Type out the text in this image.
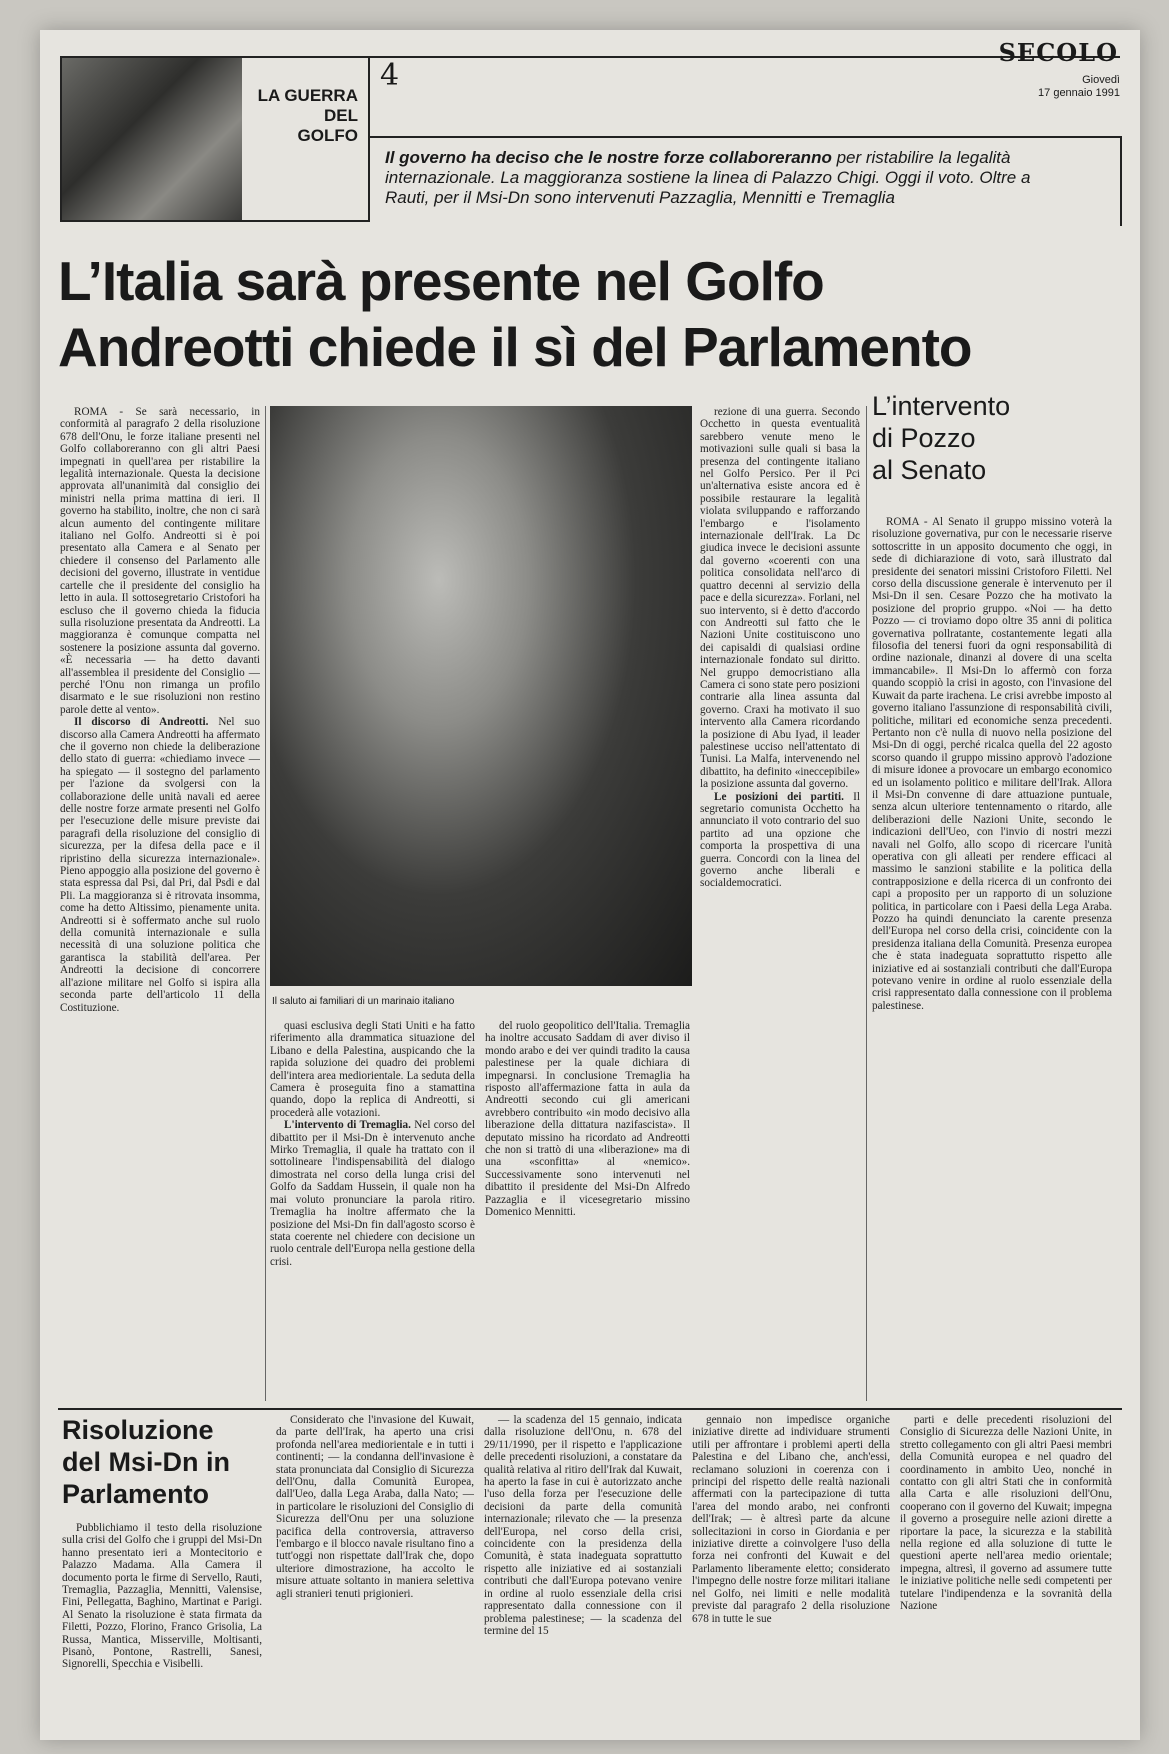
LA GUERRA
DEL
GOLFO
4
SECOLO
Giovedì
17 gennaio 1991
Il governo ha deciso che le nostre forze collaboreranno per ristabilire la legalità internazionale. La maggioranza sostiene la linea di Palazzo Chigi. Oggi il voto. Oltre a Rauti, per il Msi-Dn sono intervenuti Pazzaglia, Mennitti e Tremaglia
L’Italia sarà presente nel Golfo
Andreotti chiede il sì del Parlamento

ROMA - Se sarà necessario, in conformità al paragrafo 2 della risoluzione 678 dell'Onu, le forze italiane presenti nel Golfo collaboreranno con gli altri Paesi impegnati in quell'area per ristabilire la legalità internazionale. Questa la decisione approvata all'unanimità dal consiglio dei ministri nella prima mattina di ieri. Il governo ha stabilito, inoltre, che non ci sarà alcun aumento del contingente militare italiano nel Golfo. Andreotti si è poi presentato alla Camera e al Senato per chiedere il consenso del Parlamento alle decisioni del governo, illustrate in ventidue cartelle che il presidente del consiglio ha letto in aula. Il sottosegretario Cristofori ha escluso che il governo chieda la fiducia sulla risoluzione presentata da Andreotti. La maggioranza è comunque compatta nel sostenere la posizione assunta dal governo. «È necessaria — ha detto davanti all'assemblea il presidente del Consiglio — perché l'Onu non rimanga un profilo disarmato e le sue risoluzioni non restino parole dette al vento».

Il discorso di Andreotti. Nel suo discorso alla Camera Andreotti ha affermato che il governo non chiede la deliberazione dello stato di guerra: «chiediamo invece — ha spiegato — il sostegno del parlamento per l'azione da svolgersi con la collaborazione delle unità navali ed aeree delle nostre forze armate presenti nel Golfo per l'esecuzione delle misure previste dai paragrafi della risoluzione del consiglio di sicurezza, per la difesa della pace e il ripristino della sicurezza internazionale». Pieno appoggio alla posizione del governo è stata espressa dal Psi, dal Pri, dal Psdi e dal Pli. La maggioranza si è ritrovata insomma, come ha detto Altissimo, pienamente unita. Andreotti si è soffermato anche sul ruolo della comunità internazionale e sulla necessità di una soluzione politica che garantisca la stabilità dell'area. Per Andreotti la decisione di concorrere all'azione militare nel Golfo si ispira alla seconda parte dell'articolo 11 della Costituzione.	Il saluto ai familiari di un marinaio italiano

quasi esclusiva degli Stati Uniti e ha fatto riferimento alla drammatica situazione del Libano e della Palestina, auspicando che la rapida soluzione dei quadro dei problemi dell'intera area mediorientale. La seduta della Camera è proseguita fino a stamattina quando, dopo la replica di Andreotti, si procederà alle votazioni.

L'intervento di Tremaglia. Nel corso del dibattito per il Msi-Dn è intervenuto anche Mirko Tremaglia, il quale ha trattato con il sottolineare l'indispensabilità del dialogo dimostrata nel corso della lunga crisi del Golfo da Saddam Hussein, il quale non ha mai voluto pronunciare la parola ritiro. Tremaglia ha inoltre affermato che la posizione del Msi-Dn fin dall'agosto scorso è stata coerente nel chiedere con decisione un ruolo centrale dell'Europa nella gestione della crisi.

del ruolo geopolitico dell'Italia. Tremaglia ha inoltre accusato Saddam di aver diviso il mondo arabo e dei ver quindi tradito la causa palestinese per la quale dichiara di impegnarsi. In conclusione Tremaglia ha risposto all'affermazione fatta in aula da Andreotti secondo cui gli americani avrebbero contribuito «in modo decisivo alla liberazione della dittatura nazifascista». Il deputato missino ha ricordato ad Andreotti che non si trattò di una «liberazione» ma di una «sconfitta» al «nemico». Successivamente sono intervenuti nel dibattito il presidente del Msi-Dn Alfredo Pazzaglia e il vicesegretario missino Domenico Mennitti.

rezione di una guerra. Secondo Occhetto in questa eventualità sarebbero venute meno le motivazioni sulle quali si basa la presenza del contingente italiano nel Golfo Persico. Per il Pci un'alternativa esiste ancora ed è possibile restaurare la legalità violata sviluppando e rafforzando l'embargo e l'isolamento internazionale dell'Irak. La Dc giudica invece le decisioni assunte dal governo «coerenti con una politica consolidata nell'arco di quattro decenni al servizio della pace e della sicurezza». Forlani, nel suo intervento, si è detto d'accordo con Andreotti sul fatto che le Nazioni Unite costituiscono uno dei capisaldi di qualsiasi ordine internazionale fondato sul diritto. Nel gruppo democristiano alla Camera ci sono state pero posizioni contrarie alla linea assunta dal governo. Craxi ha motivato il suo intervento alla Camera ricordando la posizione di Abu Iyad, il leader palestinese ucciso nell'attentato di Tunisi. La Malfa, intervenendo nel dibattito, ha definito «ineccepibile» la posizione assunta dal governo.

Le posizioni dei partiti. Il segretario comunista Occhetto ha annunciato il voto contrario del suo partito ad una opzione che comporta la prospettiva di una guerra. Concordi con la linea del governo anche liberali e socialdemocratici.

L’intervento
di Pozzo
al Senato

ROMA - Al Senato il gruppo missino voterà la risoluzione governativa, pur con le necessarie riserve sottoscritte in un apposito documento che oggi, in sede di dichiarazione di voto, sarà illustrato dal presidente dei senatori missini Cristoforo Filetti. Nel corso della discussione generale è intervenuto per il Msi-Dn il sen. Cesare Pozzo che ha motivato la posizione del proprio gruppo. «Noi — ha detto Pozzo — ci troviamo dopo oltre 35 anni di politica governativa pollratante, costantemente legati alla filosofia del tenersi fuori da ogni responsabilità di ordine nazionale, dinanzi al dovere di una scelta immancabile». Il Msi-Dn lo affermò con forza quando scoppiò la crisi in agosto, con l'invasione del Kuwait da parte irachena. Le crisi avrebbe imposto al governo italiano l'assunzione di responsabilità civili, politiche, militari ed economiche senza precedenti. Pertanto non c'è nulla di nuovo nella posizione del Msi-Dn di oggi, perché ricalca quella del 22 agosto scorso quando il gruppo missino approvò l'adozione di misure idonee a provocare un embargo economico ed un isolamento politico e militare dell'Irak. Allora il Msi-Dn convenne di dare attuazione puntuale, senza alcun ulteriore tentennamento o ritardo, alle deliberazioni delle Nazioni Unite, secondo le indicazioni dell'Ueo, con l'invio di nostri mezzi navali nel Golfo, allo scopo di ricercare l'unità operativa con gli alleati per rendere efficaci al massimo le sanzioni stabilite e la politica della contrapposizione e della ricerca di un confronto dei capi a proposito per un rapporto di un soluzione politica, in particolare con i Paesi della Lega Araba. Pozzo ha quindi denunciato la carente presenza dell'Europa nel corso della crisi, coincidente con la presidenza italiana della Comunità. Presenza europea che è stata inadeguata soprattutto rispetto alle iniziative ed ai sostanziali contributi che dall'Europa potevano venire in ordine al ruolo essenziale della crisi rappresentato dalla connessione con il problema palestinese.

Risoluzione
del Msi-Dn in
Parlamento

Pubblichiamo il testo della risoluzione sulla crisi del Golfo che i gruppi del Msi-Dn hanno presentato ieri a Montecitorio e Palazzo Madama. Alla Camera il documento porta le firme di Servello, Rauti, Tremaglia, Pazzaglia, Mennitti, Valensise, Fini, Pellegatta, Baghino, Martinat e Parigi. Al Senato la risoluzione è stata firmata da Filetti, Pozzo, Florino, Franco Grisolia, La Russa, Mantica, Misserville, Moltisanti, Pisanò, Pontone, Rastrelli, Sanesi, Signorelli, Specchia e Visibelli.

Considerato che l'invasione del Kuwait, da parte dell'Irak, ha aperto una crisi profonda nell'area mediorientale e in tutti i continenti; — la condanna dell'invasione è stata pronunciata dal Consiglio di Sicurezza dell'Onu, dalla Comunità Europea, dall'Ueo, dalla Lega Araba, dalla Nato; — in particolare le risoluzioni del Consiglio di Sicurezza dell'Onu per una soluzione pacifica della controversia, attraverso l'embargo e il blocco navale risultano fino a tutt'oggi non rispettate dall'Irak che, dopo ulteriore dimostrazione, ha accolto le misure attuate soltanto in maniera selettiva agli stranieri tenuti prigionieri.

— la scadenza del 15 gennaio, indicata dalla risoluzione dell'Onu, n. 678 del 29/11/1990, per il rispetto e l'applicazione delle precedenti risoluzioni, a constatare da qualità relativa al ritiro dell'Irak dal Kuwait, ha aperto la fase in cui è autorizzato anche l'uso della forza per l'esecuzione delle decisioni da parte della comunità internazionale; rilevato che — la presenza dell'Europa, nel corso della crisi, coincidente con la presidenza della Comunità, è stata inadeguata soprattutto rispetto alle iniziative ed ai sostanziali contributi che dall'Europa potevano venire in ordine al ruolo essenziale della crisi rappresentato dalla connessione con il problema palestinese; — la scadenza del termine del 15

gennaio non impedisce organiche iniziative dirette ad individuare strumenti utili per affrontare i problemi aperti della Palestina e del Libano che, anch'essi, reclamano soluzioni in coerenza con i principi del rispetto delle realtà nazionali affermati con la partecipazione di tutta l'area del mondo arabo, nei confronti dell'Irak; — è altresì parte da alcune sollecitazioni in corso in Giordania e per iniziative dirette a coinvolgere l'uso della forza nei confronti del Kuwait e del Parlamento liberamente eletto; considerato l'impegno delle nostre forze militari italiane nel Golfo, nei limiti e nelle modalità previste dal paragrafo 2 della risoluzione 678 in tutte le sue

parti e delle precedenti risoluzioni del Consiglio di Sicurezza delle Nazioni Unite, in stretto collegamento con gli altri Paesi membri della Comunità europea e nel quadro del coordinamento in ambito Ueo, nonché in contatto con gli altri Stati che in conformità alla Carta e alle risoluzioni dell'Onu, cooperano con il governo del Kuwait; impegna il governo a proseguire nelle azioni dirette a riportare la pace, la sicurezza e la stabilità nella regione ed alla soluzione di tutte le questioni aperte nell'area medio orientale; impegna, altresì, il governo ad assumere tutte le iniziative politiche nelle sedi competenti per tutelare l'indipendenza e la sovranità della Nazione
